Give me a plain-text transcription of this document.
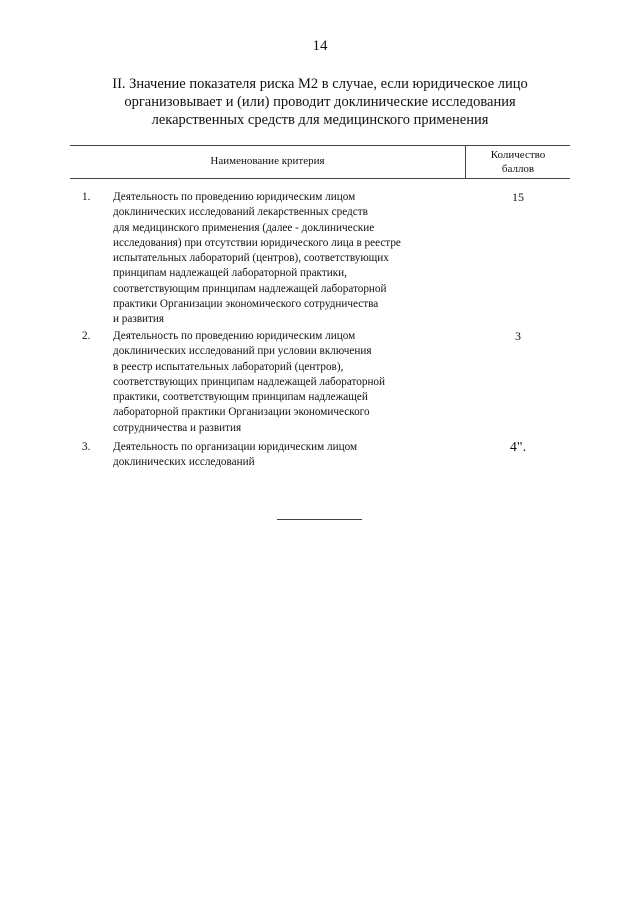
14
II. Значение показателя риска М2 в случае, если юридическое лицо
организовывает и (или) проводит доклинические исследования
лекарственных средств для медицинского применения
Наименование критерия	Количество
баллов
1. Деятельность по проведению юридическим лицом
доклинических исследований лекарственных средств
для медицинского применения (далее - доклинические
исследования) при отсутствии юридического лица в реестре
испытательных лабораторий (центров), соответствующих
принципам надлежащей лабораторной практики,
соответствующим принципам надлежащей лабораторной
практики Организации экономического сотрудничества
и развития
15
2. Деятельность по проведению юридическим лицом
доклинических исследований при условии включения
в реестр испытательных лабораторий (центров),
соответствующих принципам надлежащей лабораторной
практики, соответствующим принципам надлежащей
лабораторной практики Организации экономического
сотрудничества и развития
3
3. Деятельность по организации юридическим лицом
доклинических исследований
4".
